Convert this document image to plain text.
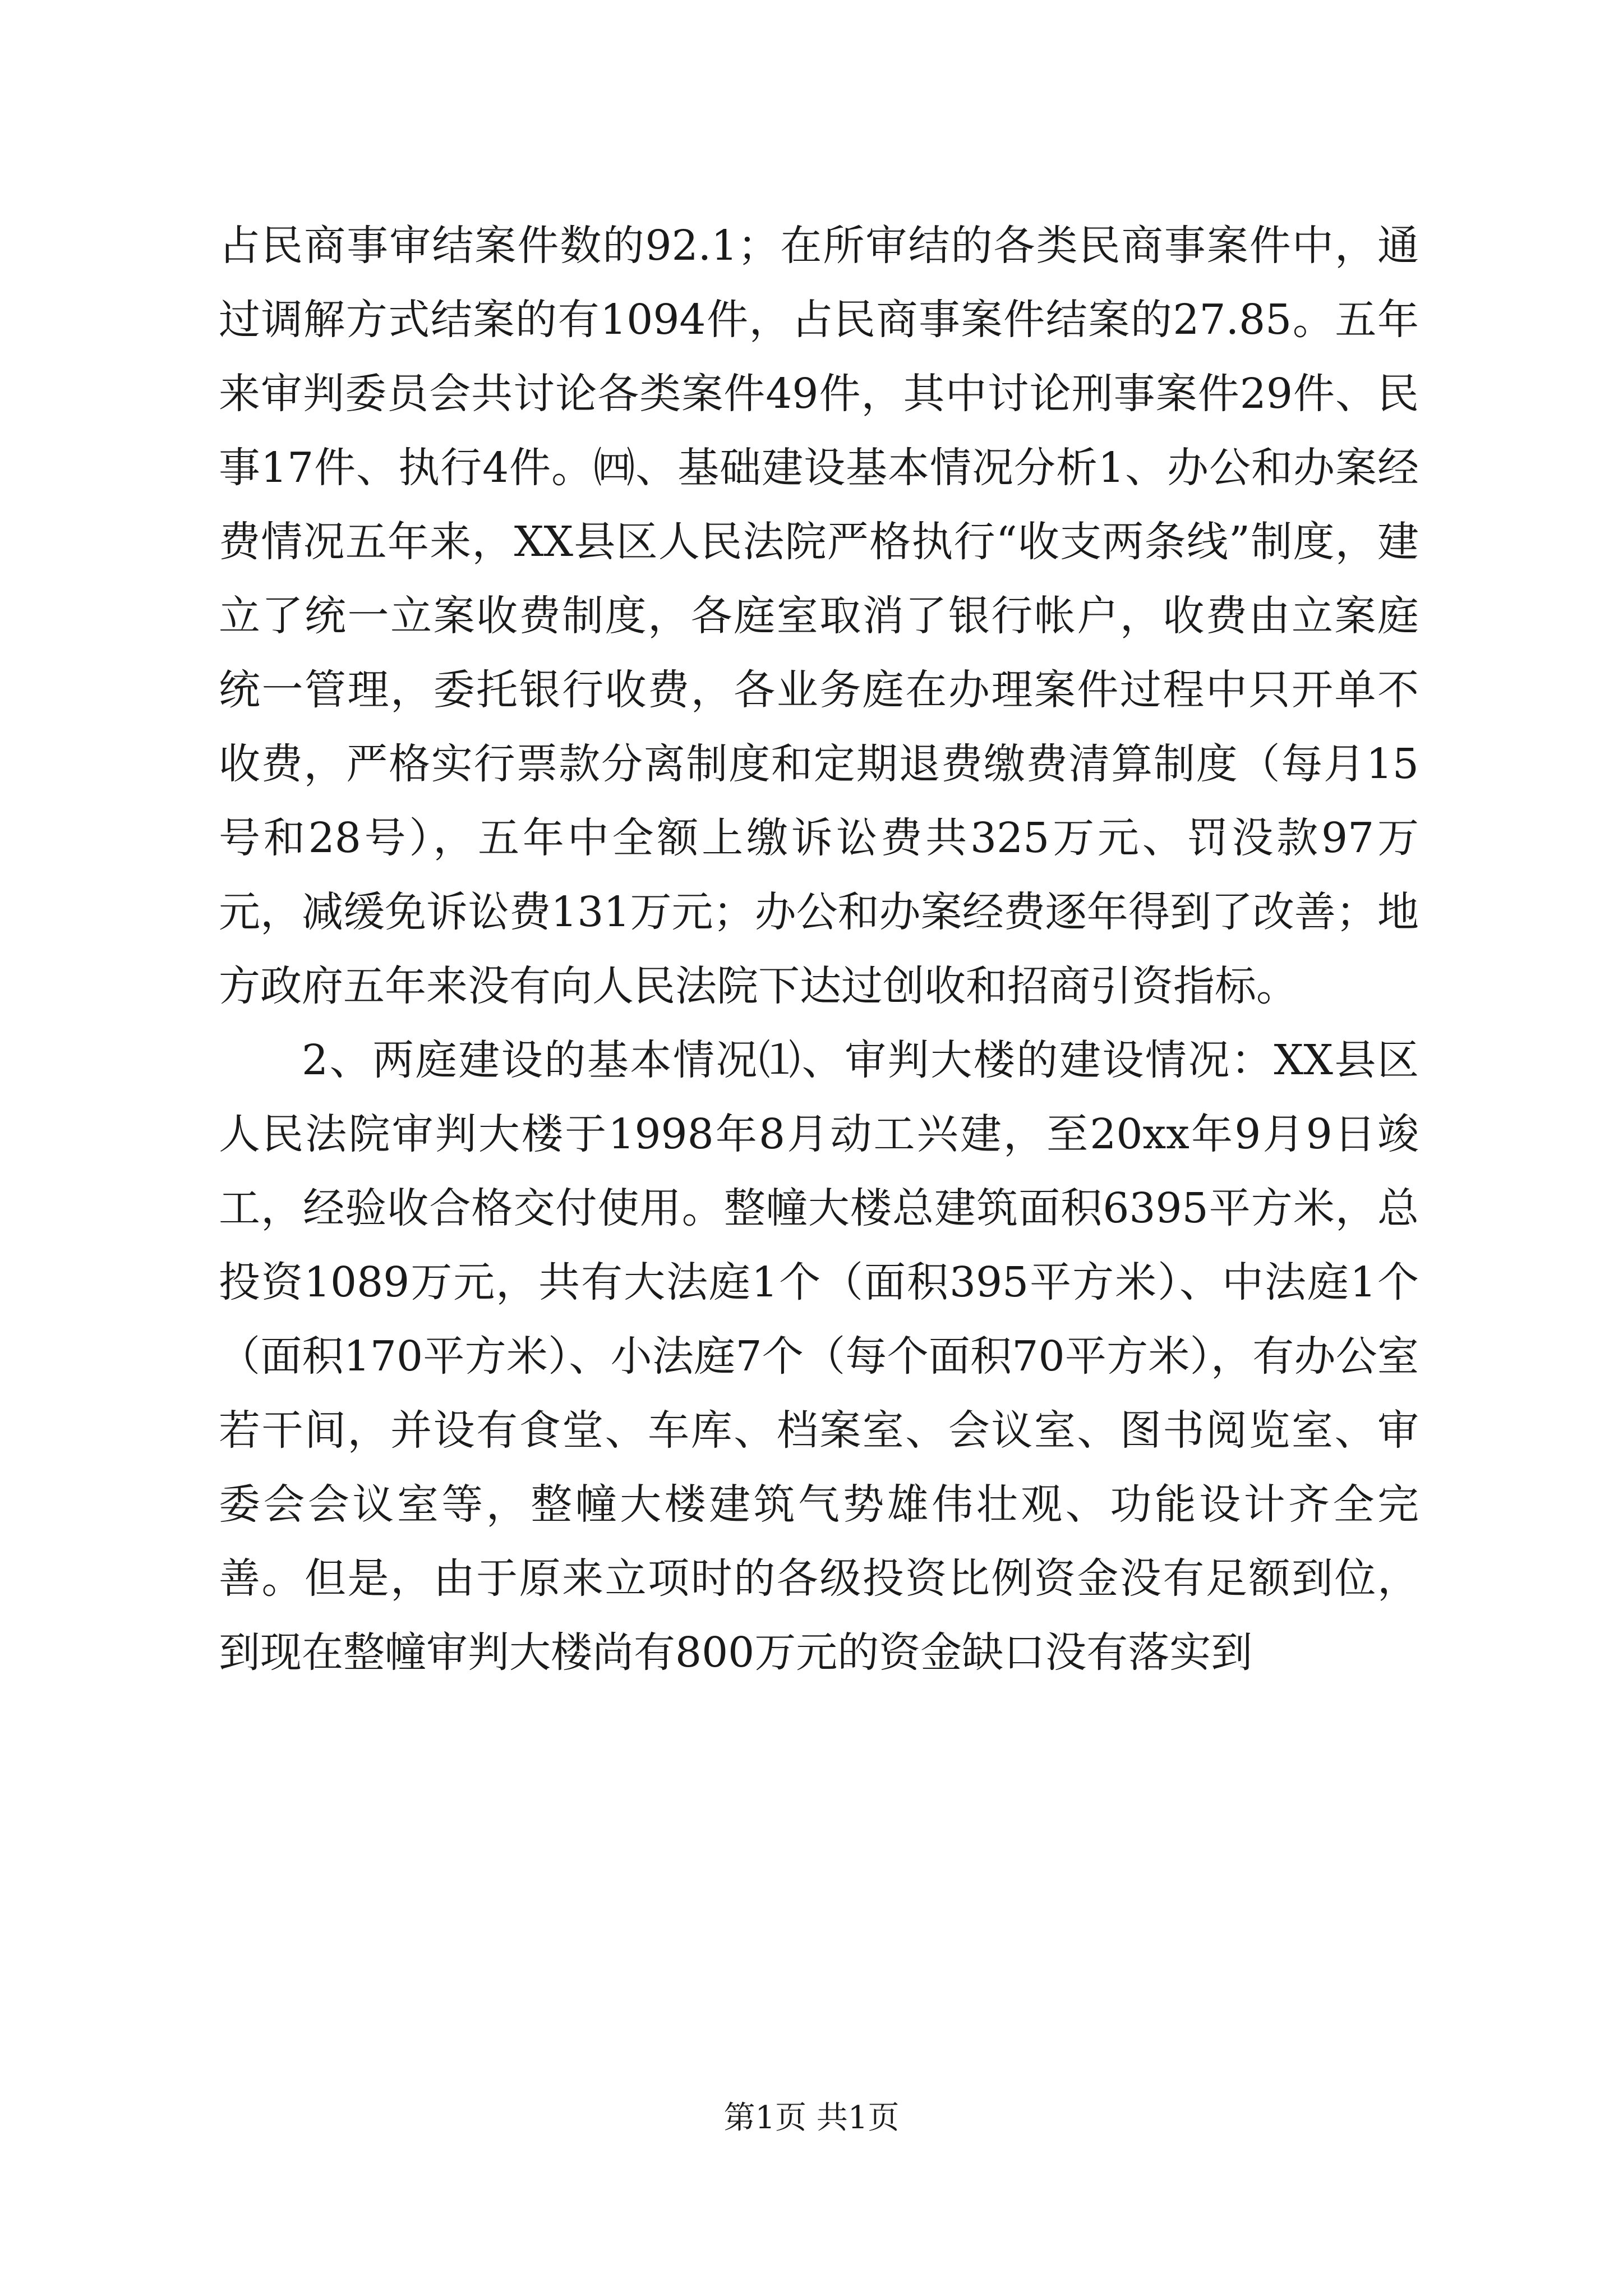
占民商事审结案件数的92.1；在所审结的各类民商事案件中，通过调解方式结案的有1094件，占民商事案件结案的27.85。五年来审判委员会共讨论各类案件49件，其中讨论刑事案件29件、民事17件、执行4件。㈣、基础建设基本情况分析1、办公和办案经费情况五年来，XX县区人民法院严格执行“收支两条线”制度，建立了统一立案收费制度，各庭室取消了银行帐户，收费由立案庭统一管理，委托银行收费，各业务庭在办理案件过程中只开单不收费，严格实行票款分离制度和定期退费缴费清算制度（每月15号和28号），五年中全额上缴诉讼费共325万元、罚没款97万元，减缓免诉讼费131万元；办公和办案经费逐年得到了改善；地方政府五年来没有向人民法院下达过创收和招商引资指标。

2、两庭建设的基本情况⑴、审判大楼的建设情况：XX县区人民法院审判大楼于1998年8月动工兴建，至20xx年9月9日竣工，经验收合格交付使用。整幢大楼总建筑面积6395平方米，总投资1089万元，共有大法庭1个（面积395平方米）、中法庭1个（面积170平方米）、小法庭7个（每个面积70平方米），有办公室若干间，并设有食堂、车库、档案室、会议室、图书阅览室、审委会会议室等，整幢大楼建筑气势雄伟壮观、功能设计齐全完善。但是，由于原来立项时的各级投资比例资金没有足额到位，到现在整幢审判大楼尚有800万元的资金缺口没有落实到

第1页 共1页
